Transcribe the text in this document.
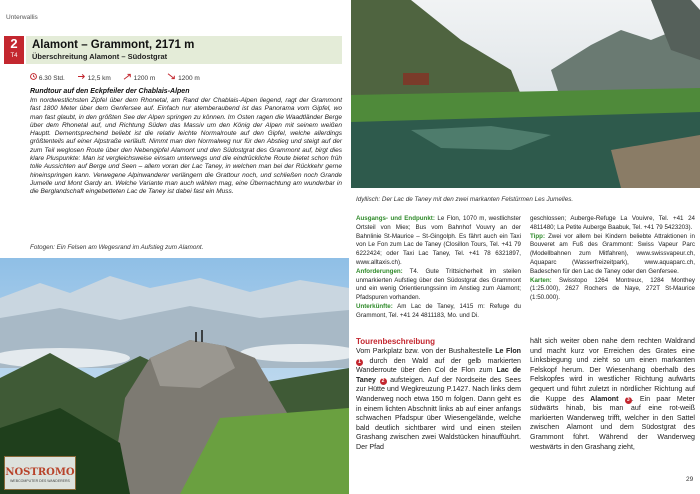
Unterwallis
2
T4
Alamont – Grammont, 2171 m
Überschreitung Alamont – Südostgrat
6.30 Std.	12,5 km	1200 m	1200 m
Rundtour auf den Eckpfeiler der Chablais-Alpen
Im nordwestlichsten Zipfel über dem Rhonetal, am Rand der Chablais-Alpen liegend, ragt der Grammont fast 1800 Meter über dem Genfersee auf. Einfach nur atemberaubend ist das Panorama vom Gipfel, wo man fast glaubt, in den größten See der Alpen springen zu können. Im Osten ragen die Waadtländer Berge über dem Rhonetal auf, und Richtung Süden das Massiv um den König der Alpen mit seinem weißen Hauptt. Dementsprechend beliebt ist die relativ leichte Normalroute auf den Gipfel, welche allerdings größtenteils auf einer Alpstraße verläuft. Nimmt man den Normalweg nur für den Abstieg und steigt auf der zum Teil weglosen Route über den Nebengipfel Alamont und den Südostgrat des Grammont auf, birgt dies klare Pluspunkte: Man ist vergleichsweise einsam unterwegs und die eindrückliche Route bietet schon früh tolle Aussichten auf Berge und Seen – allem voran der Lac Taney, in welchen man bei der Rückkehr gerne hineinspringen kann. Verwegene Alpinwanderer verlängern die Grattour noch, und schließen noch Grande Jumelle und Mont Gardy an. Welche Variante man auch wählen mag, eine Übernachtung am wunderbar in die Berglandschaft eingebetteten Lac de Taney ist dabei fast ein Muss.
Fotogen: Ein Felsen am Wegesrand im Aufstieg zum Alamont.
NOSTROMO
WEBCOMPUTER DES WANDERERS
Idyllisch: Der Lac de Taney mit den zwei markanten Felstürmen Les Jumelles.

Ausgangs- und Endpunkt: Le Flon, 1070 m, westlichster Ortsteil von Miex; Bus vom Bahnhof Vouvry an der Bahnlinie St-Maurice – St-Gingolph. Es fährt auch ein Taxi von Le Fon zum Lac de Taney (Closillon Tours, Tel. +41 79 6222424; oder Taxi Lac Taney, Tel. +41 78 6321897, www.alltaxis.ch).

Anforderungen: T4. Gute Trittsicherheit im steilen unmarkierten Aufstieg über den Südostgrat des Grammont und ein wenig Orientierungssinn im Anstieg zum Alamont; Pfadspuren vorhanden.

Unterkünfte: Am Lac de Taney, 1415 m: Refuge du Grammont, Tel. +41 24 4811183, Mo. und Di.

geschlossen; Auberge-Refuge La Vouivre, Tel. +41 24 4811480; La Petite Auberge Baabuk, Tel. +41 79 5423203).

Tipp: Zwei vor allem bei Kindern beliebte Attraktionen in Bouveret am Fuß des Grammont: Swiss Vapeur Parc (Modellbahnen zum Mitfahren), www.swissvapeur.ch, Aquaparc (Wasserfreizeitpark), www.aquaparc.ch, Badeschen für den Lac de Taney oder den Genfersee.

Karten: Swisstopo 1264 Montreux, 1284 Monthey (1:25.000), 2627 Rochers de Naye, 272T St-Maurice (1:50.000).

Tourenbeschreibung
Vom Parkplatz bzw. von der Bushaltestelle Le Flon 1 durch den Wald auf der gelb markierten Wanderroute über den Col de Flon zum Lac de Taney 2 aufsteigen. Auf der Nordseite des Sees zur Hütte und Wegkreuzung P.1427. Nach links dem Wanderweg noch etwa 150 m folgen. Dann geht es in einem lichten Abschnitt links ab auf einer anfangs schwachen Pfadspur über Wiesengelände, welche bald deutlich sichtbarer wird und einen steilen Grashang zwischen zwei Waldstücken hinauffüuhrt. Der Pfad
hält sich weiter oben nahe dem rechten Waldrand und macht kurz vor Erreichen des Grates eine Linksbiegung und zieht so um einen markanten Felskopf herum. Der Wiesenhang oberhalb des Felskopfes wird in westlicher Richtung aufwärts gequert und führt zuletzt in nördlicher Richtung auf die Kuppe des Alamont 3 . Ein paar Meter südwärts hinab, bis man auf eine rot-weiß markierten Wanderweg trifft, welcher in den Sattel zwischen Alamont und dem Südostgrat des Grammont führt. Während der Wanderweg westwärts in den Grashang zieht,
29
